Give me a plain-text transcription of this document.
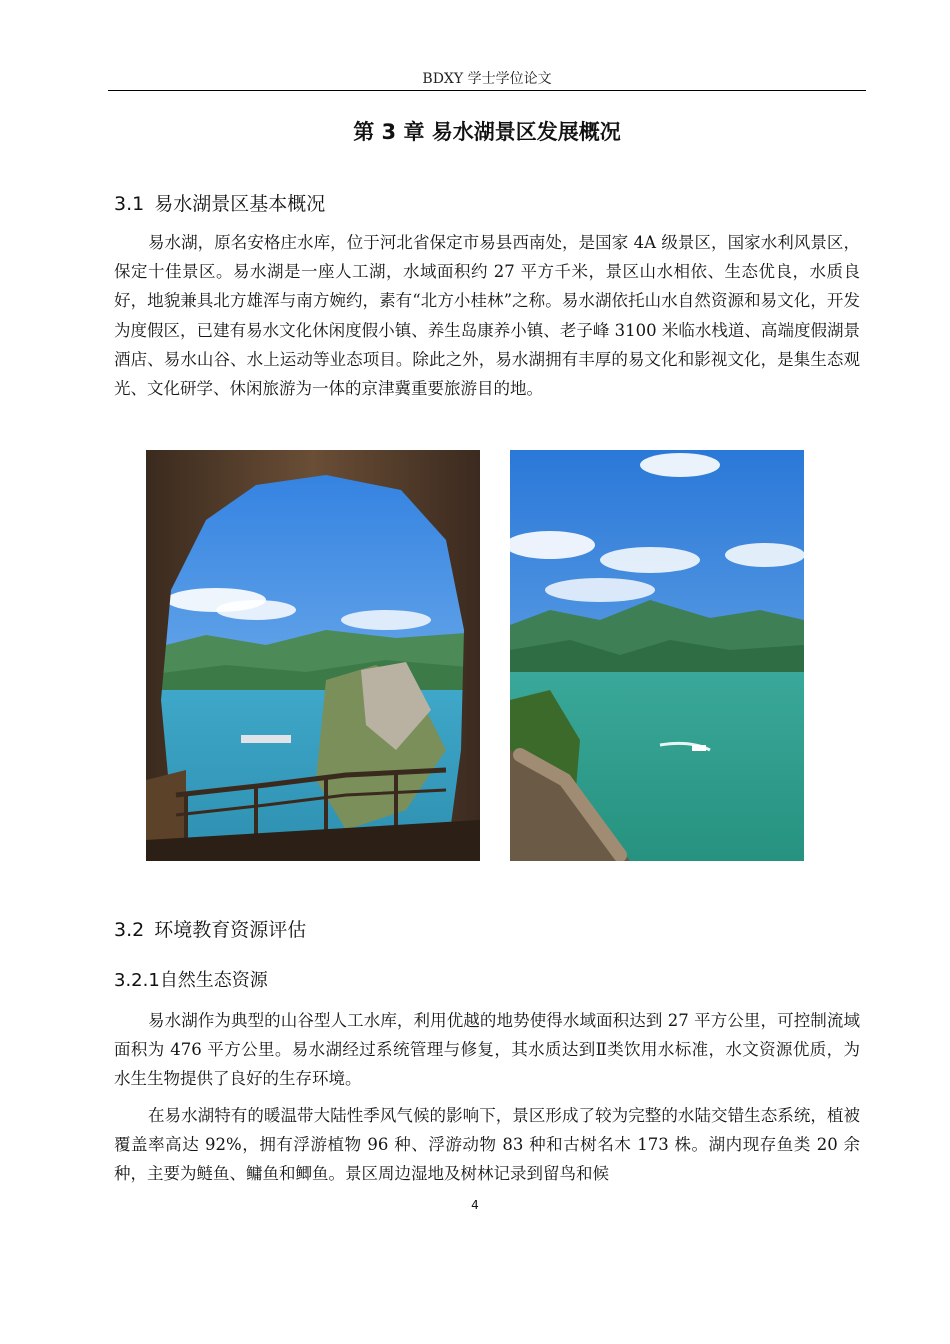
BDXY 学士学位论文
第 3 章 易水湖景区发展概况
3.1 易水湖景区基本概况
易水湖，原名安格庄水库，位于河北省保定市易县西南处，是国家 4A 级景区，国家水利风景区，保定十佳景区。易水湖是一座人工湖，水域面积约 27 平方千米，景区山水相依、生态优良，水质良好，地貌兼具北方雄浑与南方婉约，素有“北方小桂林”之称。易水湖依托山水自然资源和易文化，开发为度假区，已建有易水文化休闲度假小镇、养生岛康养小镇、老子峰 3100 米临水栈道、高端度假湖景酒店、易水山谷、水上运动等业态项目。除此之外，易水湖拥有丰厚的易文化和影视文化，是集生态观光、文化研学、休闲旅游为一体的京津冀重要旅游目的地。
3.2 环境教育资源评估
3.2.1自然生态资源
易水湖作为典型的山谷型人工水库，利用优越的地势使得水域面积达到 27 平方公里，可控制流域面积为 476 平方公里。易水湖经过系统管理与修复，其水质达到Ⅱ类饮用水标准，水文资源优质，为水生生物提供了良好的生存环境。
在易水湖特有的暖温带大陆性季风气候的影响下，景区形成了较为完整的水陆交错生态系统，植被覆盖率高达 92%，拥有浮游植物 96 种、浮游动物 83 种和古树名木 173 株。湖内现存鱼类 20 余种，主要为鲢鱼、鳙鱼和鲫鱼。景区周边湿地及树林记录到留鸟和候
4
